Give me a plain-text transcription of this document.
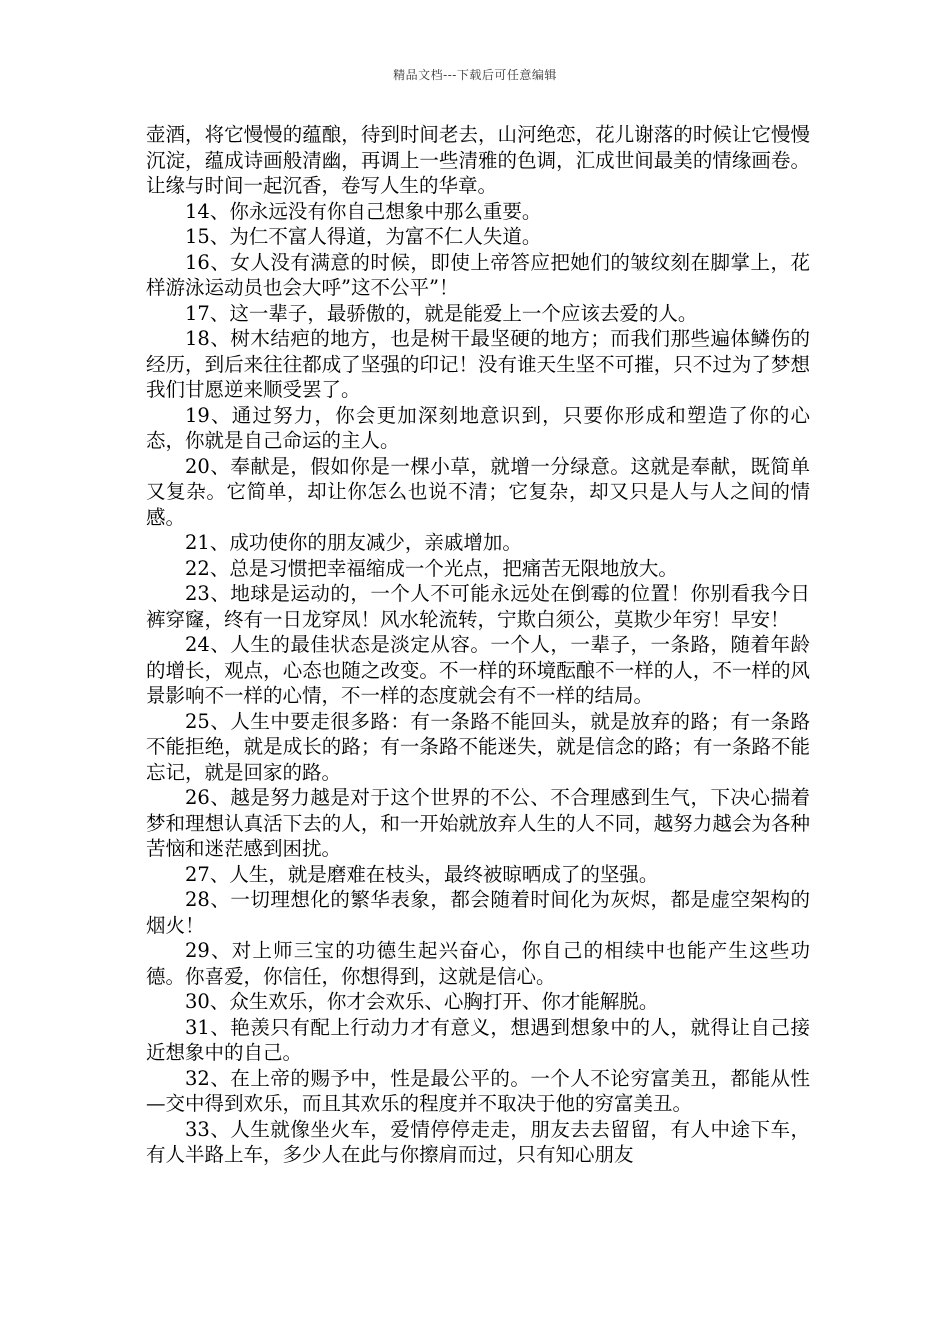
精品文档---下载后可任意编辑

壶酒，将它慢慢的蕴酿，待到时间老去，山河绝恋，花儿谢落的时候让它慢慢沉淀，蕴成诗画般清幽，再调上一些清雅的色调，汇成世间最美的情缘画卷。让缘与时间一起沉香，卷写人生的华章。

14、你永远没有你自己想象中那么重要。

15、为仁不富人得道，为富不仁人失道。

16、女人没有满意的时候，即使上帝答应把她们的皱纹刻在脚掌上，花样游泳运动员也会大呼”这不公平”！

17、这一辈子，最骄傲的，就是能爱上一个应该去爱的人。

18、树木结疤的地方，也是树干最坚硬的地方；而我们那些遍体鳞伤的经历，到后来往往都成了坚强的印记！没有谁天生坚不可摧，只不过为了梦想我们甘愿逆来顺受罢了。

19、通过努力，你会更加深刻地意识到，只要你形成和塑造了你的心态，你就是自己命运的主人。

20、奉献是，假如你是一棵小草，就增一分绿意。这就是奉献，既简单又复杂。它简单，却让你怎么也说不清；它复杂，却又只是人与人之间的情感。

21、成功使你的朋友减少，亲戚增加。

22、总是习惯把幸福缩成一个光点，把痛苦无限地放大。

23、地球是运动的，一个人不可能永远处在倒霉的位置！你别看我今日裤穿窿，终有一日龙穿凤！风水轮流转，宁欺白须公，莫欺少年穷！早安！

24、人生的最佳状态是淡定从容。一个人，一辈子，一条路，随着年龄的增长，观点，心态也随之改变。不一样的环境酝酿不一样的人，不一样的风景影响不一样的心情，不一样的态度就会有不一样的结局。

25、人生中要走很多路：有一条路不能回头，就是放弃的路；有一条路不能拒绝，就是成长的路；有一条路不能迷失，就是信念的路；有一条路不能忘记，就是回家的路。

26、越是努力越是对于这个世界的不公、不合理感到生气，下决心揣着梦和理想认真活下去的人，和一开始就放弃人生的人不同，越努力越会为各种苦恼和迷茫感到困扰。

27、人生，就是磨难在枝头，最终被晾晒成了的坚强。

28、一切理想化的繁华表象，都会随着时间化为灰烬，都是虚空架构的烟火！

29、对上师三宝的功德生起兴奋心，你自己的相续中也能产生这些功德。你喜爱，你信任，你想得到，这就是信心。

30、众生欢乐，你才会欢乐、心胸打开、你才能解脱。

31、艳羡只有配上行动力才有意义，想遇到想象中的人，就得让自己接近想象中的自己。

32、在上帝的赐予中，性是最公平的。一个人不论穷富美丑，都能从性—交中得到欢乐，而且其欢乐的程度并不取决于他的穷富美丑。

33、人生就像坐火车，爱情停停走走，朋友去去留留，有人中途下车，有人半路上车，多少人在此与你擦肩而过，只有知心朋友
